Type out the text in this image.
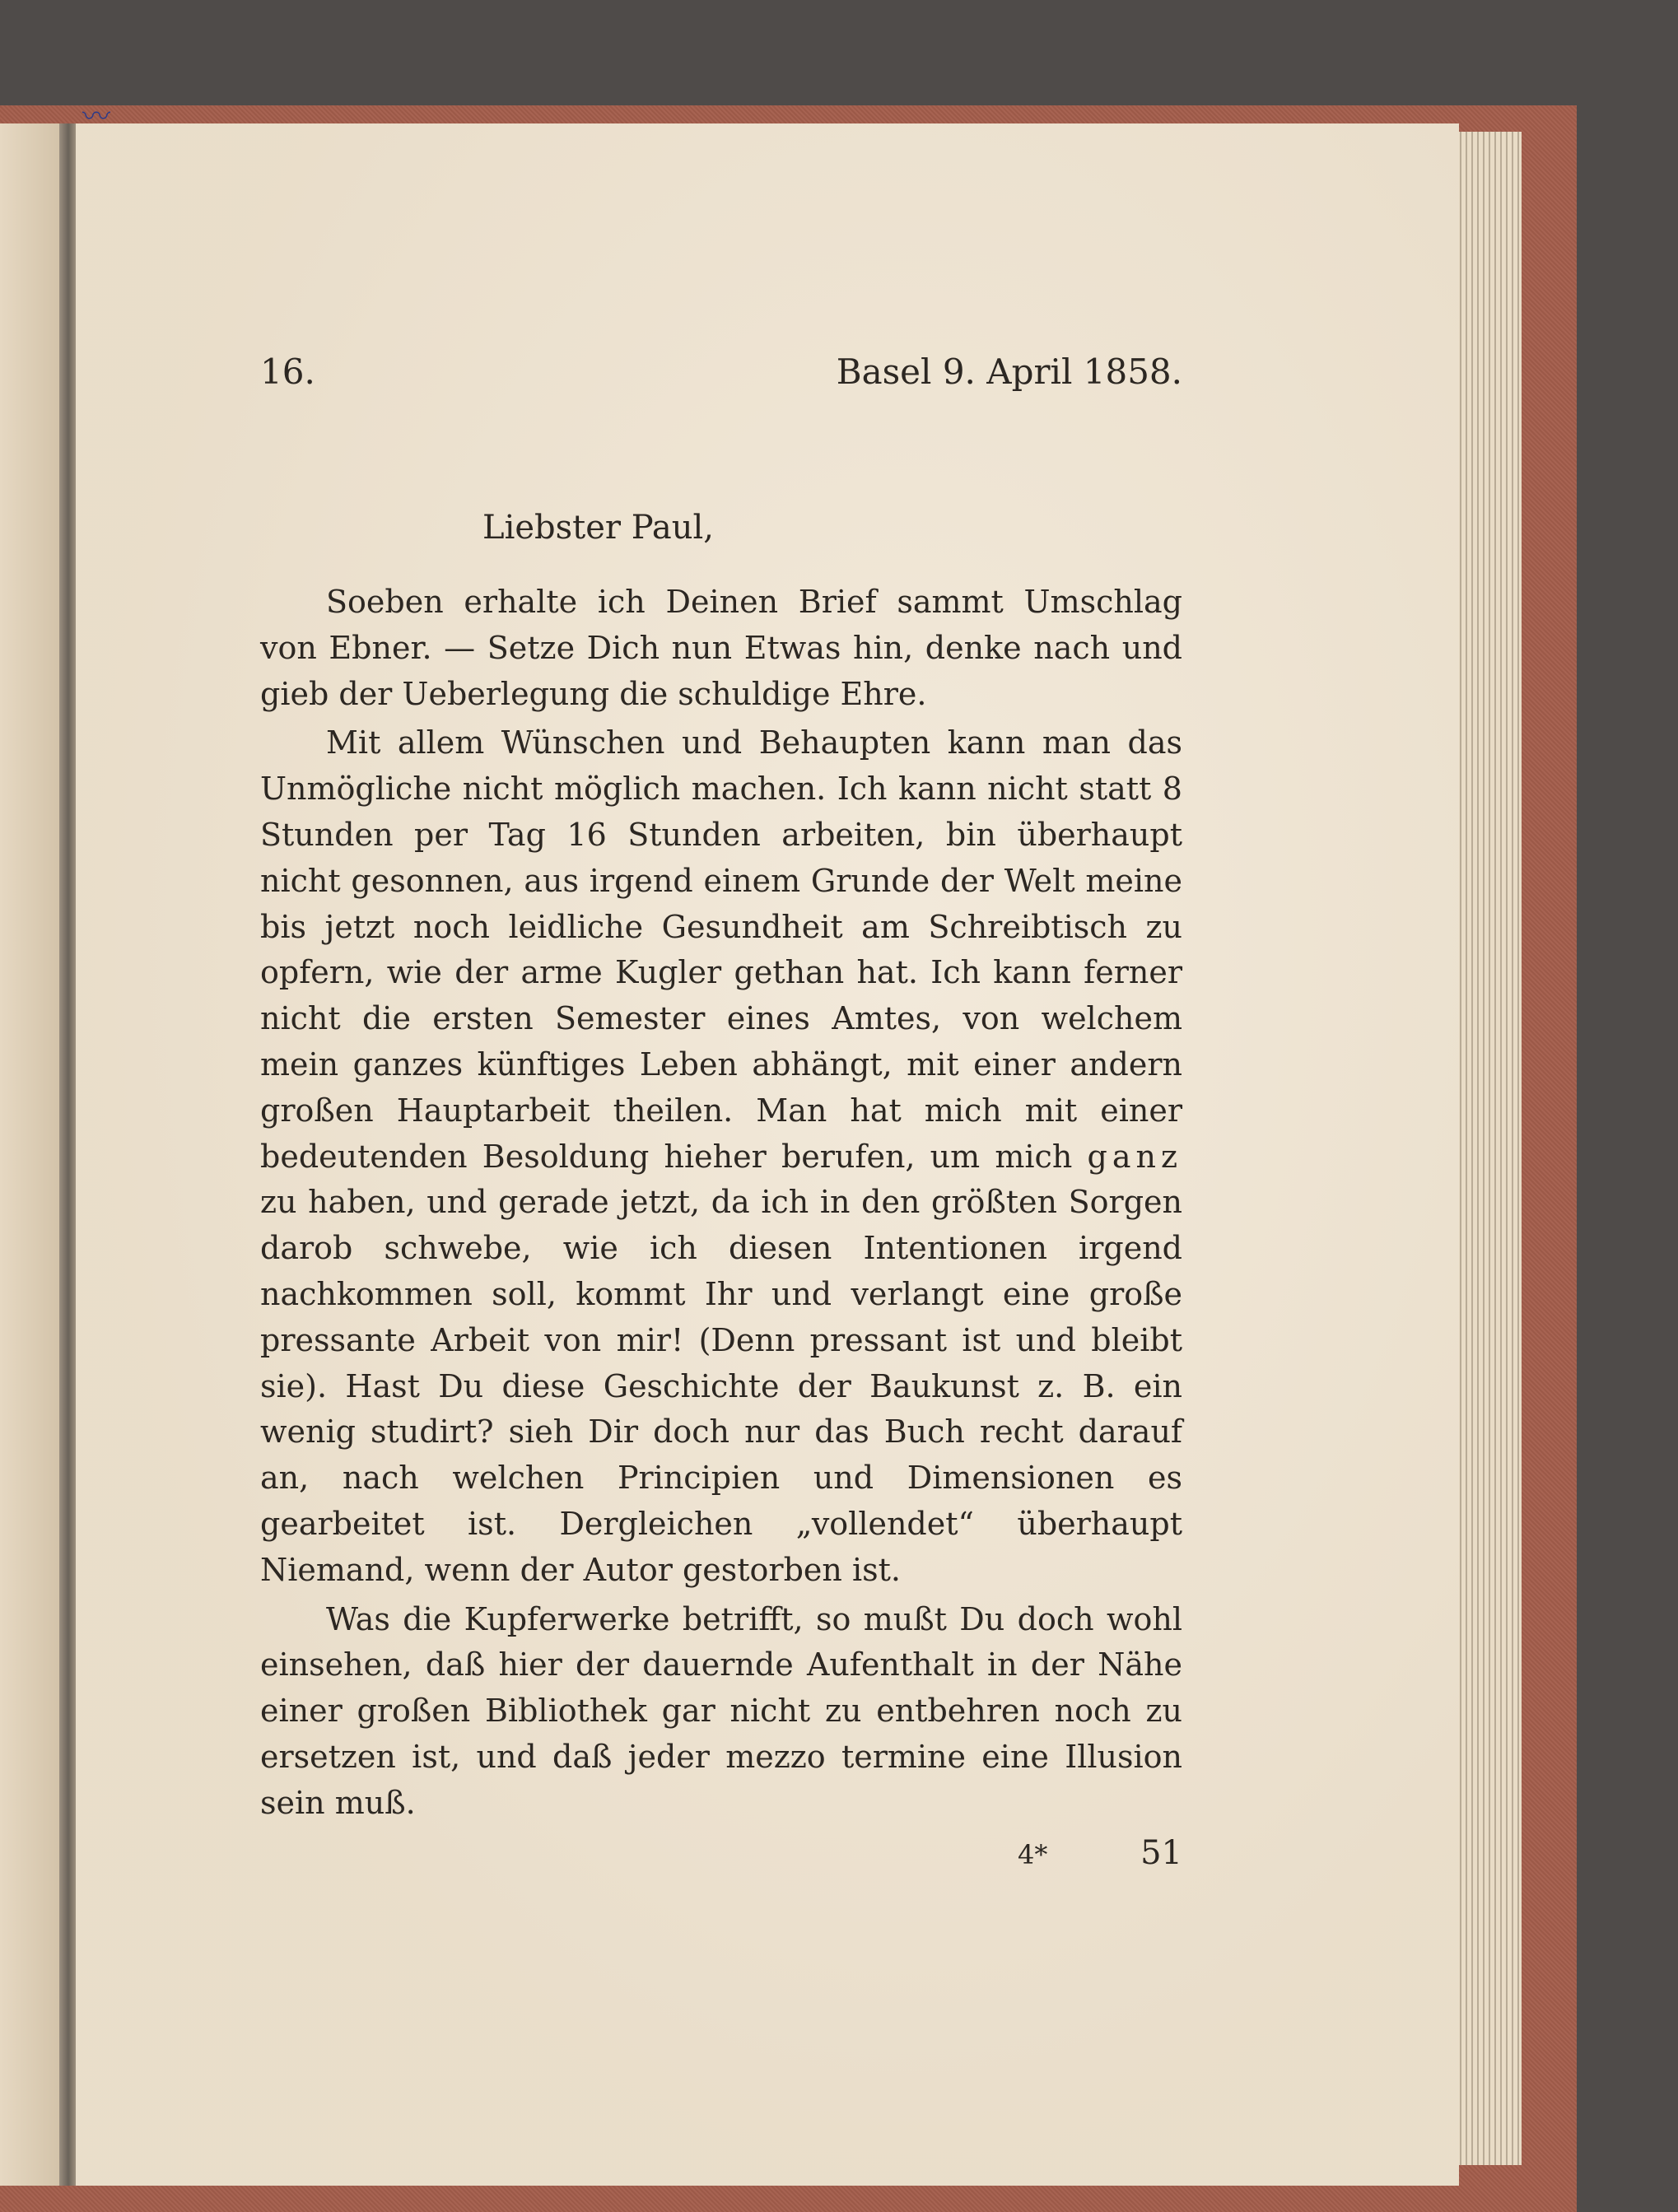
〰
16.	Basel 9. April 1858.
Liebster Paul,

Soeben erhalte ich Deinen Brief sammt Umschlag von Ebner. — Setze Dich nun Etwas hin, denke nach und gieb der Ueberlegung die schuldige Ehre.

Mit allem Wünschen und Behaupten kann man das Unmögliche nicht möglich machen. Ich kann nicht statt 8 Stunden per Tag 16 Stunden arbeiten, bin überhaupt nicht gesonnen, aus irgend einem Grunde der Welt meine bis jetzt noch leidliche Gesundheit am Schreibtisch zu opfern, wie der arme Kugler gethan hat. Ich kann ferner nicht die ersten Semester eines Amtes, von welchem mein ganzes künftiges Leben abhängt, mit einer andern großen Hauptarbeit theilen. Man hat mich mit einer bedeutenden Besoldung hieher berufen, um mich ganz zu haben, und gerade jetzt, da ich in den größten Sorgen darob schwebe, wie ich diesen Intentionen irgend nachkommen soll, kommt Ihr und verlangt eine große pressante Arbeit von mir! (Denn pressant ist und bleibt sie). Hast Du diese Geschichte der Baukunst z. B. ein wenig studirt? sieh Dir doch nur das Buch recht darauf an, nach welchen Principien und Dimensionen es gearbeitet ist. Dergleichen „vollendet“ überhaupt Niemand, wenn der Autor gestorben ist.

Was die Kupferwerke betrifft, so mußt Du doch wohl einsehen, daß hier der dauernde Aufenthalt in der Nähe einer großen Bibliothek gar nicht zu entbehren noch zu ersetzen ist, und daß jeder mezzo termine eine Illusion sein muß.

4*	51
